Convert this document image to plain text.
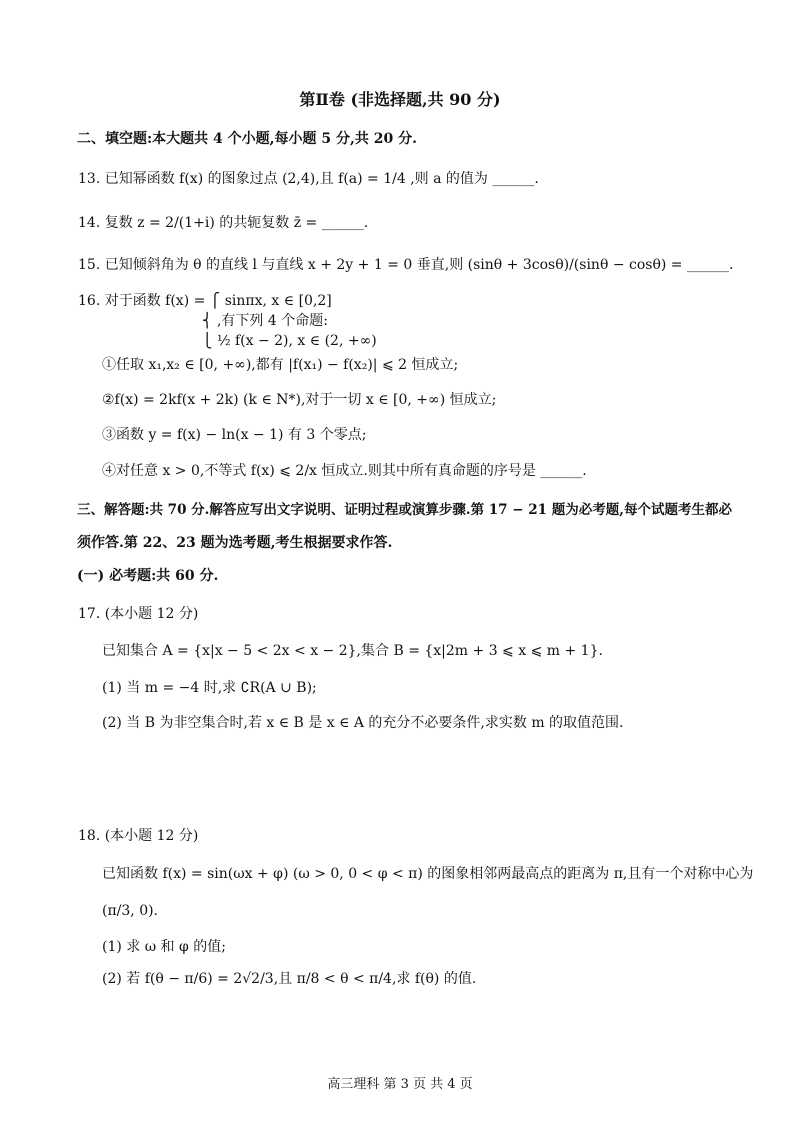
第Ⅱ卷 (非选择题,共 90 分)
二、填空题:本大题共 4 个小题,每小题 5 分,共 20 分.
13. 已知幂函数 f(x) 的图象过点 (2,4),且 f(a) = 1/4 ,则 a 的值为 ______.
14. 复数 z = 2/(1+i) 的共轭复数 z̄ = ______.
15. 已知倾斜角为 θ 的直线 l 与直线 x + 2y + 1 = 0 垂直,则 (sinθ + 3cosθ)/(sinθ − cosθ) = ______.
16. 对于函数 f(x) = ⎧ sinπx, x ∈ [0,2]
⎨ ,有下列 4 个命题:
⎩ ½ f(x − 2), x ∈ (2, +∞)
①任取 x₁,x₂ ∈ [0, +∞),都有 |f(x₁) − f(x₂)| ⩽ 2 恒成立;
②f(x) = 2kf(x + 2k) (k ∈ N*),对于一切 x ∈ [0, +∞) 恒成立;
③函数 y = f(x) − ln(x − 1) 有 3 个零点;
④对任意 x > 0,不等式 f(x) ⩽ 2/x 恒成立.则其中所有真命题的序号是 ______.
三、解答题:共 70 分.解答应写出文字说明、证明过程或演算步骤.第 17 − 21 题为必考题,每个试题考生都必
须作答.第 22、23 题为选考题,考生根据要求作答.
(一) 必考题:共 60 分.
17. (本小题 12 分)
已知集合 A = {x|x − 5 < 2x < x − 2},集合 B = {x|2m + 3 ⩽ x ⩽ m + 1}.
(1) 当 m = −4 时,求 ∁R(A ∪ B);
(2) 当 B 为非空集合时,若 x ∈ B 是 x ∈ A 的充分不必要条件,求实数 m 的取值范围.
18. (本小题 12 分)
已知函数 f(x) = sin(ωx + φ) (ω > 0, 0 < φ < π) 的图象相邻两最高点的距离为 π,且有一个对称中心为
(π/3, 0).
(1) 求 ω 和 φ 的值;
(2) 若 f(θ − π/6) = 2√2/3,且 π/8 < θ < π/4,求 f(θ) 的值.
高三理科 第 3 页 共 4 页
